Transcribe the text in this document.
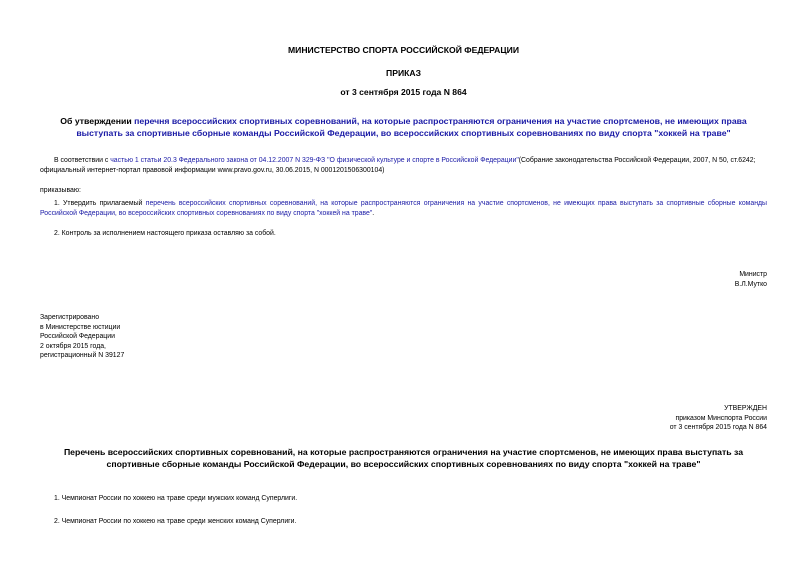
МИНИСТЕРСТВО СПОРТА РОССИЙСКОЙ ФЕДЕРАЦИИ
ПРИКАЗ
от 3 сентября 2015 года N 864
Об утверждении перечня всероссийских спортивных соревнований, на которые распространяются ограничения на участие спортсменов, не имеющих права выступать за спортивные сборные команды Российской Федерации, во всероссийских спортивных соревнованиях по виду спорта "хоккей на траве"
В соответствии с частью 1 статьи 20.3 Федерального закона от 04.12.2007 N 329-ФЗ "О физической культуре и спорте в Российской Федерации"(Собрание законодательства Российской Федерации, 2007, N 50, ст.6242; официальный интернет-портал правовой информации www.pravo.gov.ru, 30.06.2015, N 0001201506300104)
приказываю:
1. Утвердить прилагаемый перечень всероссийских спортивных соревнований, на которые распространяются ограничения на участие спортсменов, не имеющих права выступать за спортивные сборные команды Российской Федерации, во всероссийских спортивных соревнованиях по виду спорта "хоккей на траве".
2. Контроль за исполнением настоящего приказа оставляю за собой.
Министр
В.Л.Мутко
Зарегистрировано
в Министерстве юстиции
Российской Федерации
2 октября 2015 года,
регистрационный N 39127
УТВЕРЖДЕН
приказом Минспорта России
от 3 сентября 2015 года N 864
Перечень всероссийских спортивных соревнований, на которые распространяются ограничения на участие спортсменов, не имеющих права выступать за спортивные сборные команды Российской Федерации, во всероссийских спортивных соревнованиях по виду спорта "хоккей на траве"
1. Чемпионат России по хоккею на траве среди мужских команд Суперлиги.
2. Чемпионат России по хоккею на траве среди женских команд Суперлиги.
